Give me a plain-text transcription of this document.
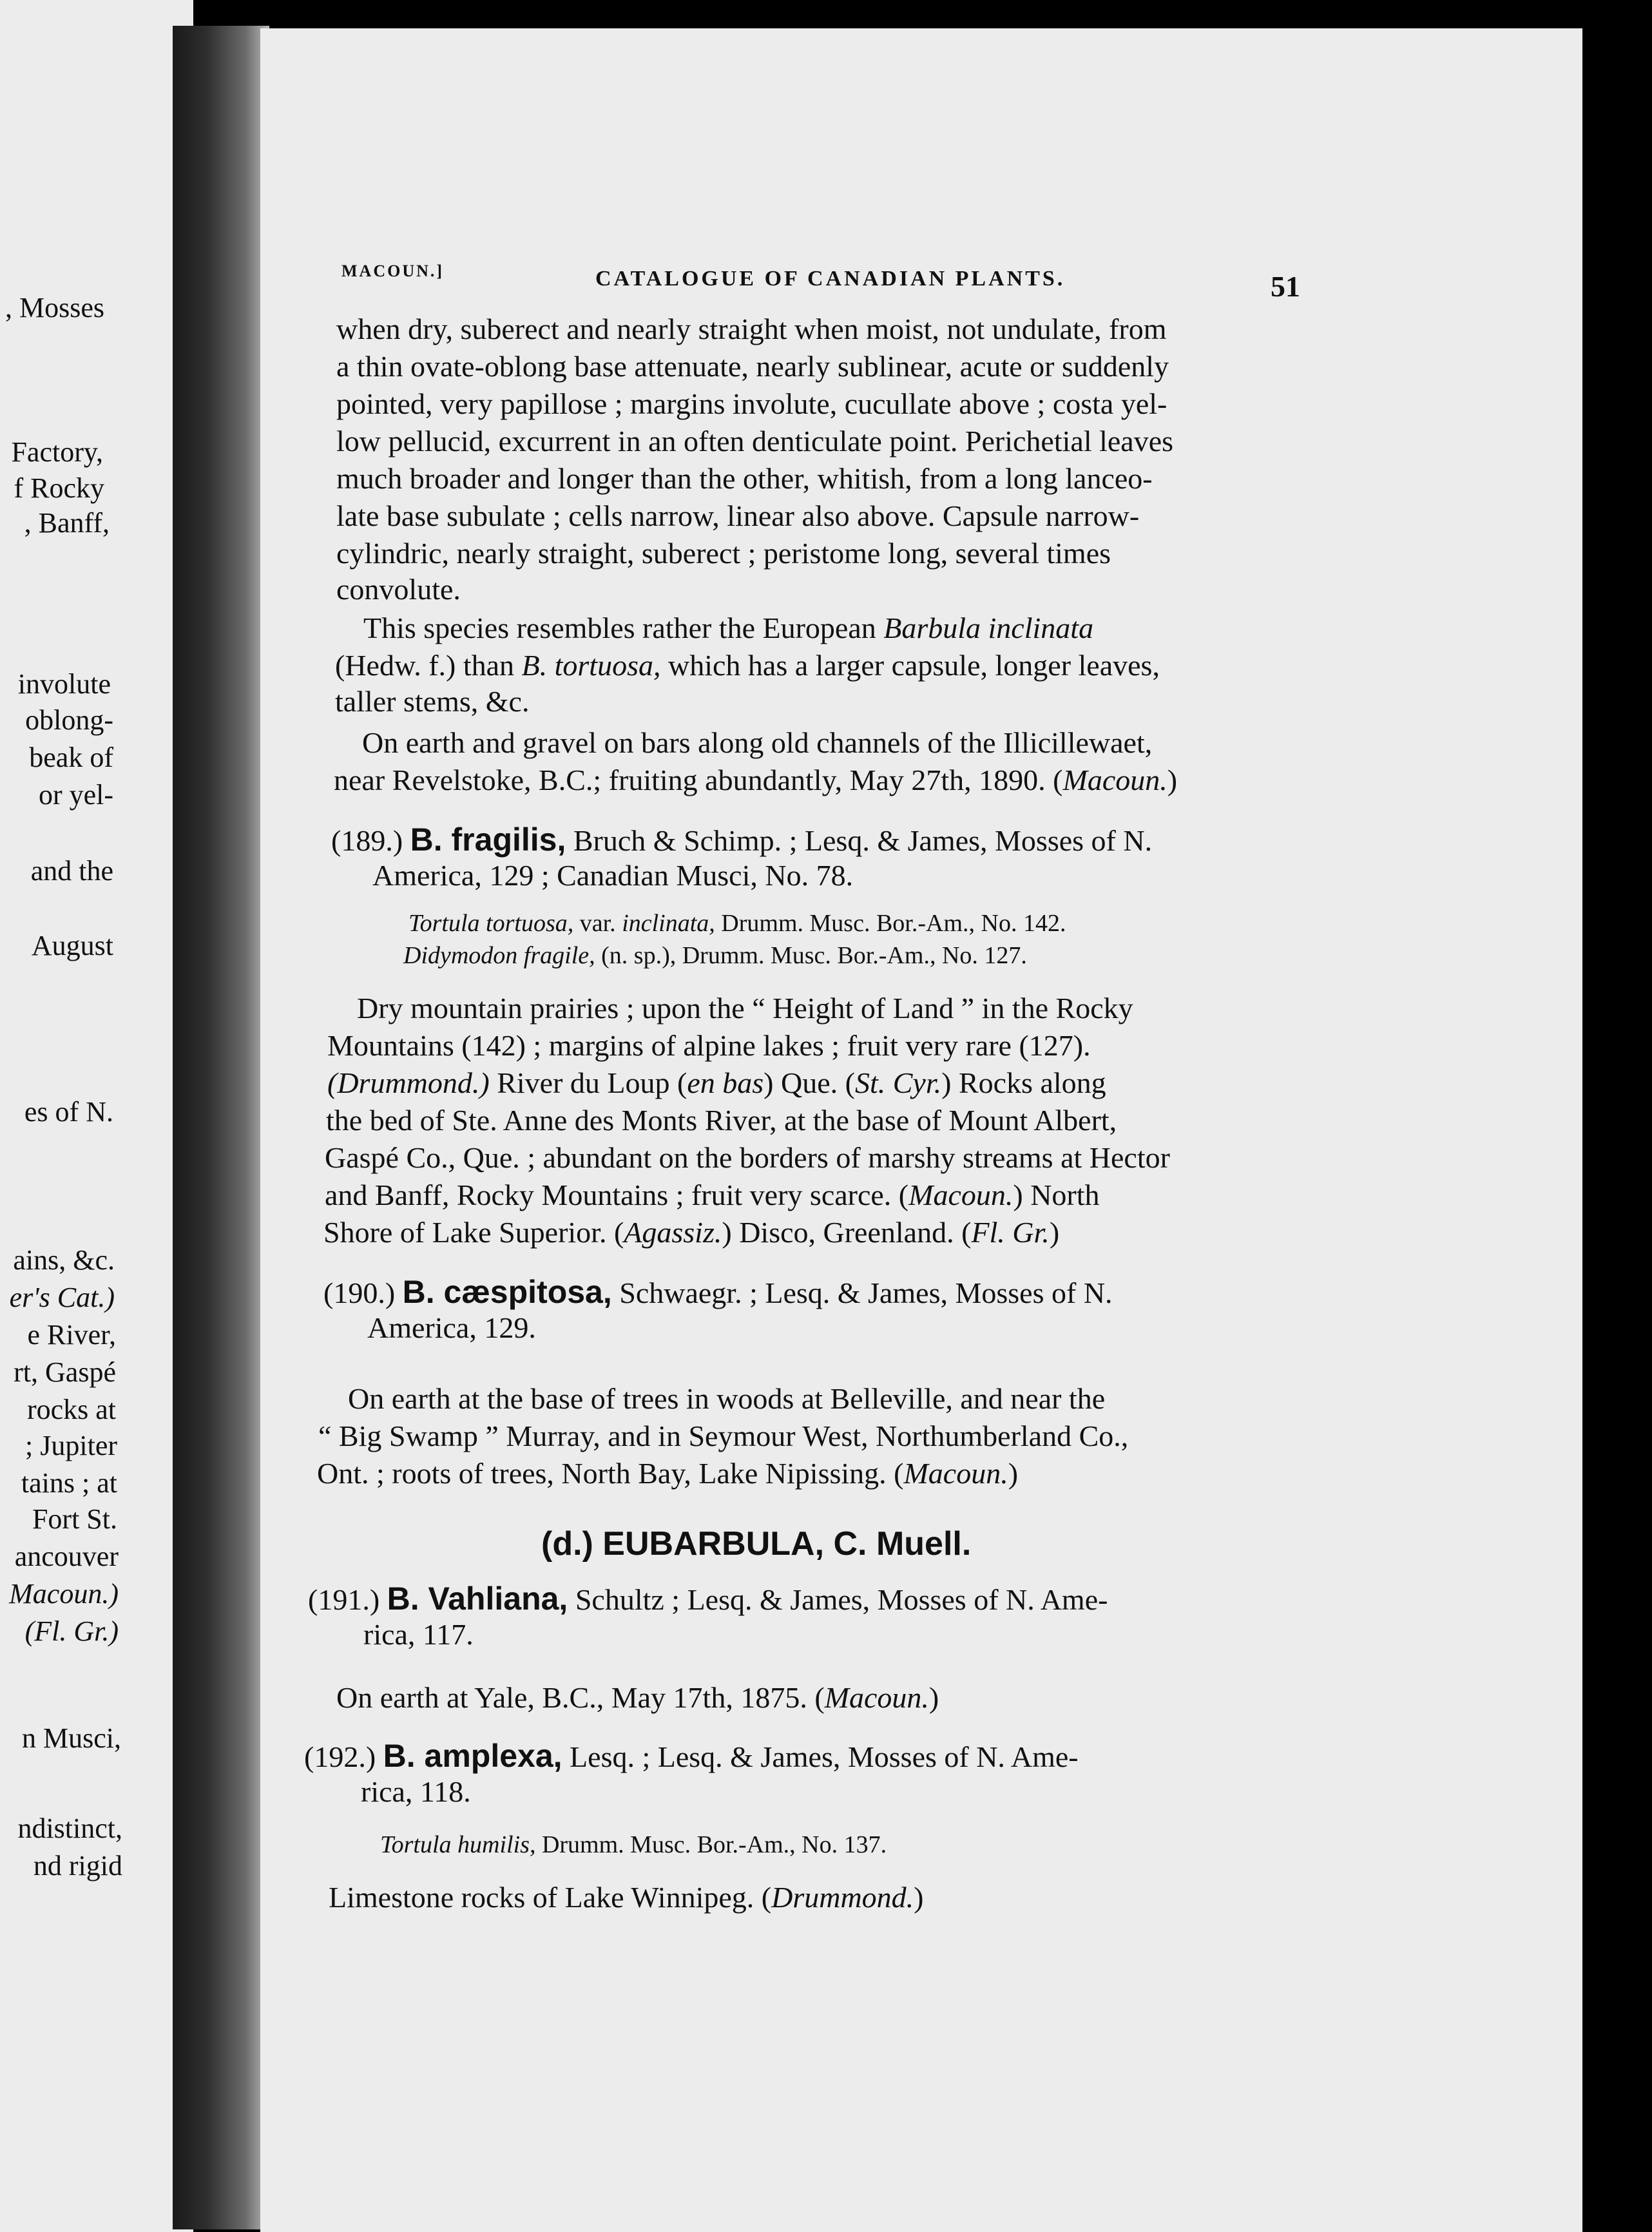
, Mosses
Factory,
f Rocky
, Banff,
involute
oblong-
beak of
or yel-
and the
August
es of N.
ains, &c.
er's Cat.)
e River,
rt, Gaspé
rocks at
; Jupiter
tains ; at
Fort St.
ancouver
Macoun.)
(Fl. Gr.)
n Musci,
ndistinct,
nd rigid
MACOUN.]	CATALOGUE OF CANADIAN PLANTS.	51
when dry, suberect and nearly straight when moist, not undulate, from
a thin ovate-oblong base attenuate, nearly sublinear, acute or suddenly
pointed, very papillose ; margins involute, cucullate above ; costa yel-
low pellucid, excurrent in an often denticulate point. Perichetial leaves
much broader and longer than the other, whitish, from a long lanceo-
late base subulate ; cells narrow, linear also above. Capsule narrow-
cylindric, nearly straight, suberect ; peristome long, several times
convolute.
This species resembles rather the European Barbula inclinata
(Hedw. f.) than B. tortuosa, which has a larger capsule, longer leaves,
taller stems, &c.
On earth and gravel on bars along old channels of the Illicillewaet,
near Revelstoke, B.C.; fruiting abundantly, May 27th, 1890. (Macoun.)
(189.) B. fragilis, Bruch & Schimp. ; Lesq. & James, Mosses of N.
America, 129 ; Canadian Musci, No. 78.
Tortula tortuosa, var. inclinata, Drumm. Musc. Bor.-Am., No. 142.
Didymodon fragile, (n. sp.), Drumm. Musc. Bor.-Am., No. 127.
Dry mountain prairies ; upon the “ Height of Land ” in the Rocky
Mountains (142) ; margins of alpine lakes ; fruit very rare (127).
(Drummond.) River du Loup (en bas) Que. (St. Cyr.) Rocks along
the bed of Ste. Anne des Monts River, at the base of Mount Albert,
Gaspé Co., Que. ; abundant on the borders of marshy streams at Hector
and Banff, Rocky Mountains ; fruit very scarce. (Macoun.) North
Shore of Lake Superior. (Agassiz.) Disco, Greenland. (Fl. Gr.)
(190.) B. cæspitosa, Schwaegr. ; Lesq. & James, Mosses of N.
America, 129.
On earth at the base of trees in woods at Belleville, and near the
“ Big Swamp ” Murray, and in Seymour West, Northumberland Co.,
Ont. ; roots of trees, North Bay, Lake Nipissing. (Macoun.)
(d.) EUBARBULA, C. Muell.
(191.) B. Vahliana, Schultz ; Lesq. & James, Mosses of N. Ame-
rica, 117.
On earth at Yale, B.C., May 17th, 1875. (Macoun.)
(192.) B. amplexa, Lesq. ; Lesq. & James, Mosses of N. Ame-
rica, 118.
Tortula humilis, Drumm. Musc. Bor.-Am., No. 137.
Limestone rocks of Lake Winnipeg. (Drummond.)
